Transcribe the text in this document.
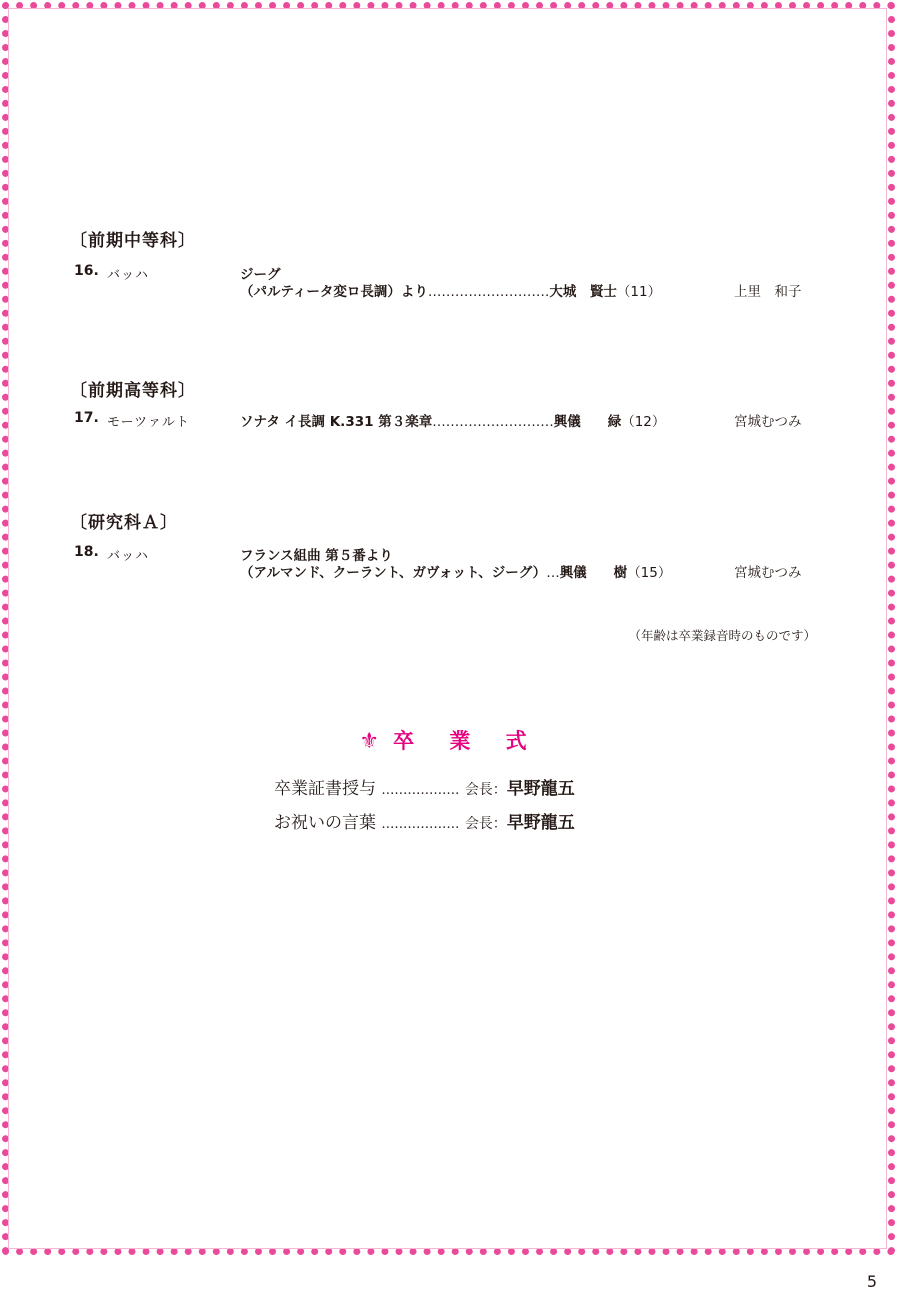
〔前期中等科〕
16. バッハ	ジーグ
（パルティータ変ロ長調）より………………………大城　賢士（11）	上里　和子
〔前期高等科〕
17. モーツァルト	ソナタ イ長調 K.331 第３楽章………………………興儀　　緑（12）	宮城むつみ
〔研究科Ａ〕
18. バッハ	フランス組曲 第５番より
（アルマンド、クーラント、ガヴォット、ジーグ）…興儀　　樹（15）	宮城むつみ
（年齢は卒業録音時のものです）
⚜卒 業 式
卒業証書授与 ……………… 会長：早野龍五
お祝いの言葉 ……………… 会長：早野龍五
5
